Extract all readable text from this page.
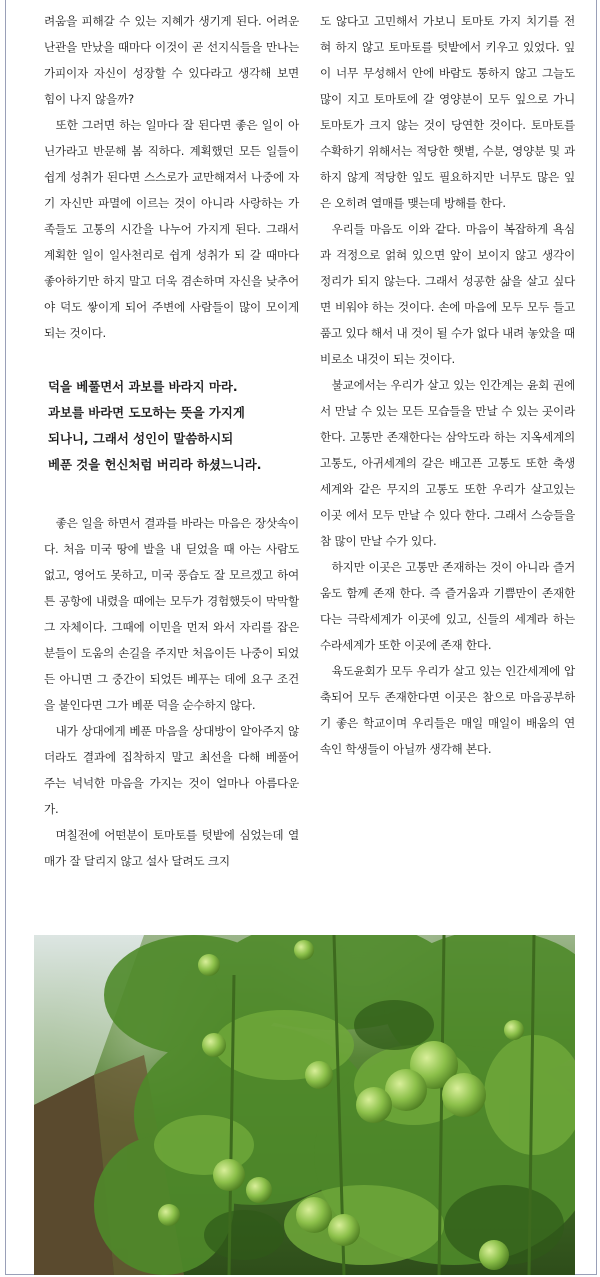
려움을 피해갈 수 있는 지혜가 생기게 된다. 어려운 난관을 만났을 때마다 이것이 곧 선지식들을 만나는 가피이자 자신이 성장할 수 있다라고 생각해 보면 힘이 나지 않을까?

또한 그러면 하는 일마다 잘 된다면 좋은 일이 아닌가라고 반문해 봄 직하다. 계획했던 모든 일들이 쉽게 성취가 된다면 스스로가 교만해져서 나중에 자기 자신만 파멸에 이르는 것이 아니라 사랑하는 가족들도 고통의 시간을 나누어 가지게 된다. 그래서 계획한 일이 일사천리로 쉽게 성취가 되 갈 때마다 좋아하기만 하지 말고 더욱 겸손하며 자신을 낮추어야 덕도 쌓이게 되어 주변에 사람들이 많이 모이게 되는 것이다.

덕을 베풀면서 과보를 바라지 마라.
과보를 바라면 도모하는 뜻을 가지게
되나니, 그래서 성인이 말씀하시되
베푼 것을 헌신처럼 버리라 하셨느니라.

좋은 일을 하면서 결과를 바라는 마음은 장삿속이다. 처음 미국 땅에 발을 내 딛었을 때 아는 사람도 없고, 영어도 못하고, 미국 풍습도 잘 모르겠고 하여튼 공항에 내렸을 때에는 모두가 경험했듯이 막막할 그 자체이다. 그때에 이민을 먼저 와서 자리를 잡은 분들이 도움의 손길을 주지만 처음이든 나중이 되었든 아니면 그 중간이 되었든 베푸는 데에 요구 조건을 붙인다면 그가 베푼 덕을 순수하지 않다.

내가 상대에게 베푼 마음을 상대방이 알아주지 않더라도 결과에 집착하지 말고 최선을 다해 베풀어 주는 넉넉한 마음을 가지는 것이 얼마나 아름다운가.

며칠전에 어떤분이 토마토를 텃밭에 심었는데 열매가 잘 달리지 않고 설사 달려도 크지

도 않다고 고민해서 가보니 토마토 가지 치기를 전혀 하지 않고 토마토를 텃밭에서 키우고 있었다. 잎이 너무 무성해서 안에 바람도 통하지 않고 그늘도 많이 지고 토마토에 갈 영양분이 모두 잎으로 가니 토마토가 크지 않는 것이 당연한 것이다. 토마토를 수확하기 위해서는 적당한 햇볕, 수분, 영양분 및 과하지 않게 적당한 잎도 필요하지만 너무도 많은 잎은 오히려 열매를 맺는데 방해를 한다.

우리들 마음도 이와 같다. 마음이 복잡하게 욕심과 걱정으로 얽혀 있으면 앞이 보이지 않고 생각이 정리가 되지 않는다. 그래서 성공한 삶을 살고 싶다면 비워야 하는 것이다. 손에 마음에 모두 모두 들고 품고 있다 해서 내 것이 될 수가 없다 내려 놓았을 때 비로소 내것이 되는 것이다.

불교에서는 우리가 살고 있는 인간계는 윤회 권에서 만날 수 있는 모든 모습들을 만날 수 있는 곳이라 한다. 고통만 존재한다는 삼악도라 하는 지옥세계의 고통도, 아귀세계의 갈은 배고픈 고통도 또한 축생세계와 같은 무지의 고통도 또한 우리가 살고있는 이곳 에서 모두 만날 수 있다 한다. 그래서 스승들을 참 많이 만날 수가 있다.

하지만 이곳은 고통만 존재하는 것이 아니라 즐거움도 함께 존재 한다. 즉 즐거움과 기쁨만이 존재한다는 극락세계가 이곳에 있고, 신들의 세계라 하는 수라세계가 또한 이곳에 존재 한다.

육도윤회가 모두 우리가 살고 있는 인간세계에 압축되어 모두 존재한다면 이곳은 참으로 마음공부하기 좋은 학교이며 우리들은 매일 매일이 배움의 연속인 학생들이 아닐까 생각해 본다.
